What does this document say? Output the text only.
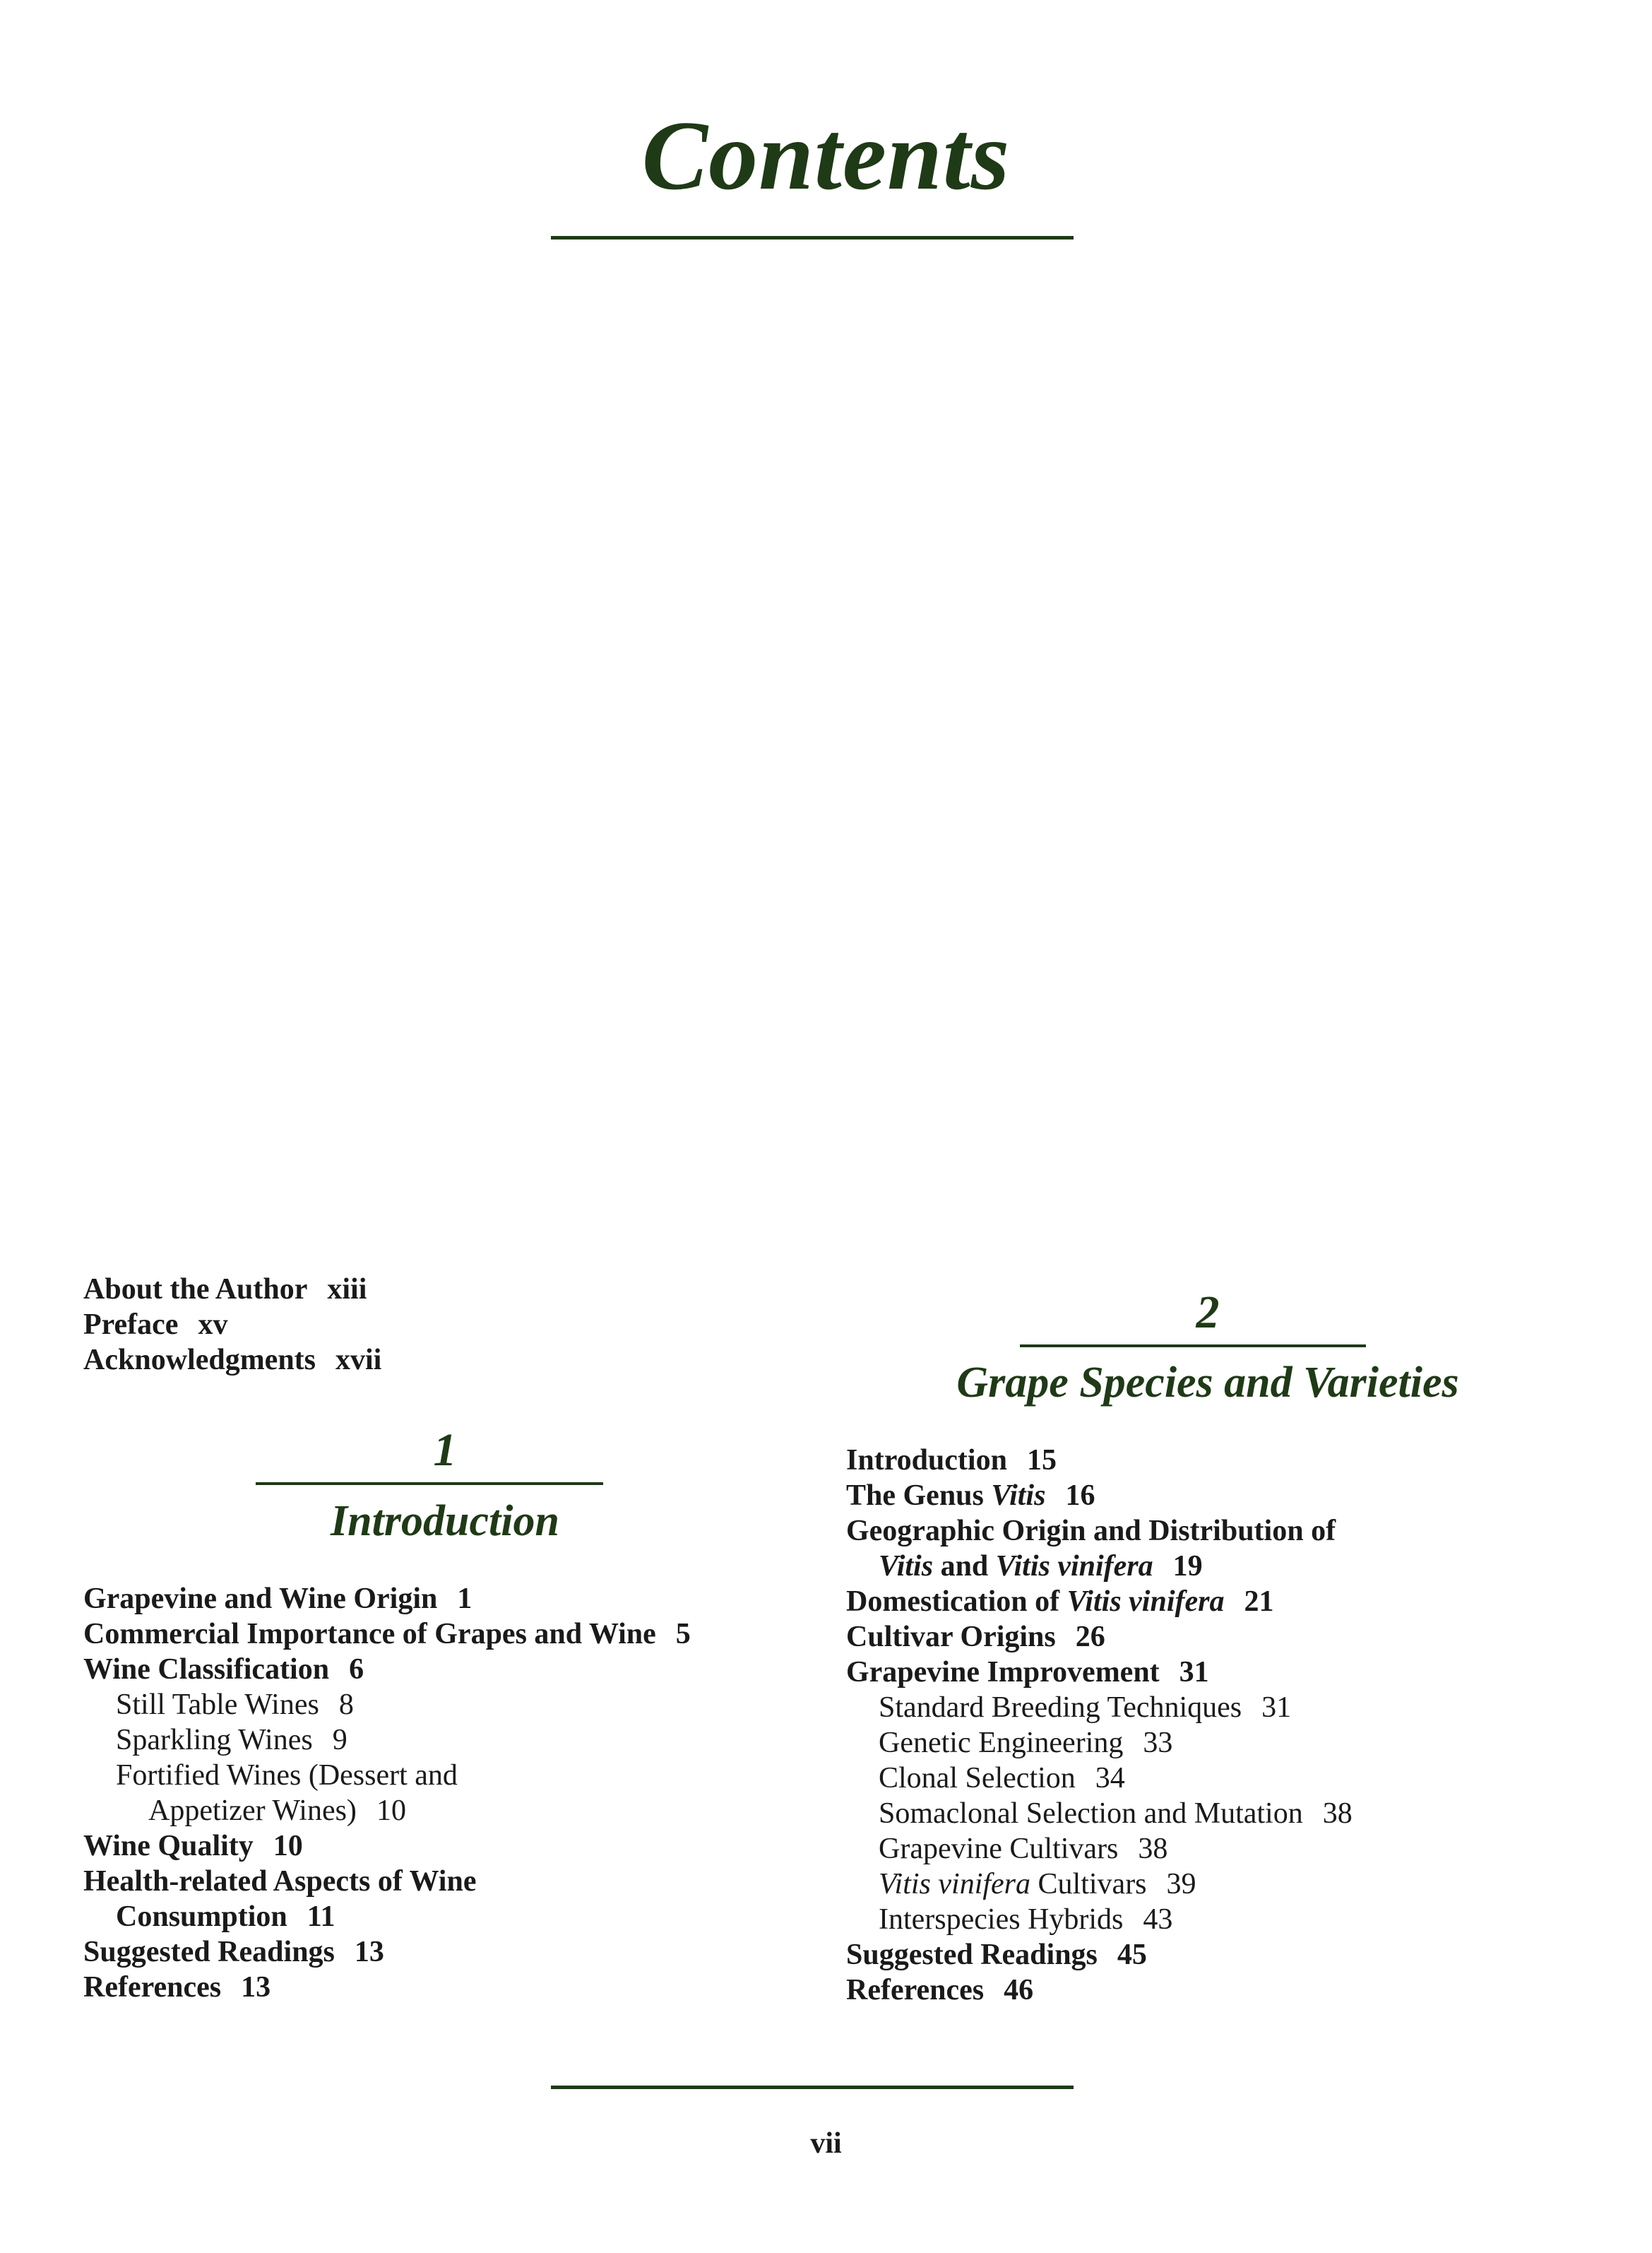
Contents
About the Author xiii
Preface xv
Acknowledgments xvii
1
Introduction
Grapevine and Wine Origin 1
Commercial Importance of Grapes and Wine 5
Wine Classification 6
Still Table Wines 8
Sparkling Wines 9
Fortified Wines (Dessert and
Appetizer Wines) 10
Wine Quality 10
Health-related Aspects of Wine
Consumption 11
Suggested Readings 13
References 13
2
Grape Species and Varieties
Introduction 15
The Genus Vitis 16
Geographic Origin and Distribution of
Vitis and Vitis vinifera 19
Domestication of Vitis vinifera 21
Cultivar Origins 26
Grapevine Improvement 31
Standard Breeding Techniques 31
Genetic Engineering 33
Clonal Selection 34
Somaclonal Selection and Mutation 38
Grapevine Cultivars 38
Vitis vinifera Cultivars 39
Interspecies Hybrids 43
Suggested Readings 45
References 46
vii
